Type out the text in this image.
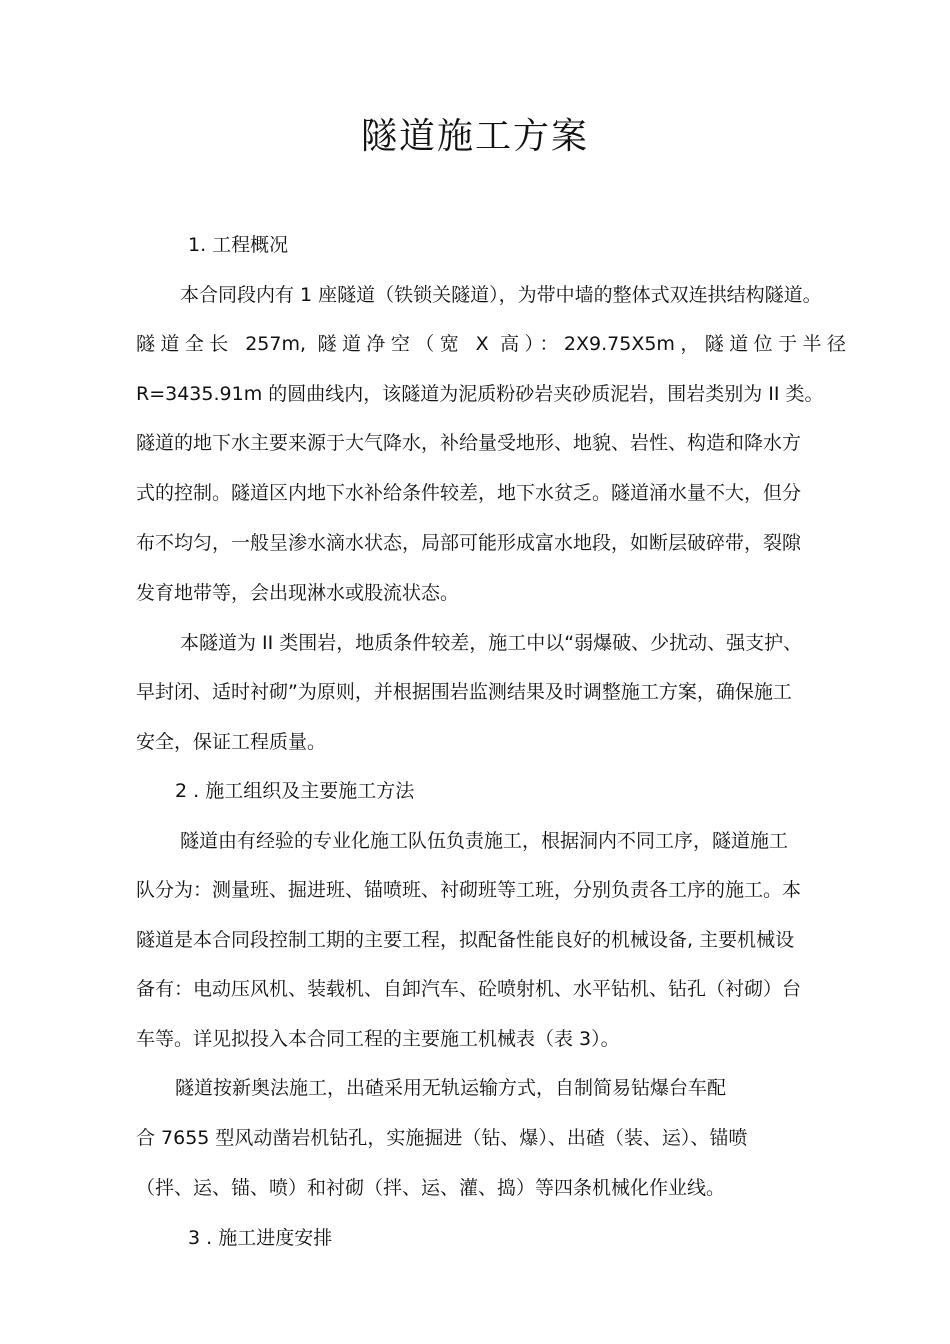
隧道施工方案
1. 工程概况
本合同段内有 1 座隧道（铁锁关隧道），为带中墙的整体式双连拱结构隧道。
隧道全长 257m, 隧道净空（宽 X 高）：2X9.75X5m，隧道位于半径
R=3435.91m 的圆曲线内，该隧道为泥质粉砂岩夹砂质泥岩，围岩类别为 II 类。
隧道的地下水主要来源于大气降水，补给量受地形、地貌、岩性、构造和降水方
式的控制。隧道区内地下水补给条件较差，地下水贫乏。隧道涌水量不大，但分
布不均匀，一般呈渗水滴水状态，局部可能形成富水地段，如断层破碎带，裂隙
发育地带等，会出现淋水或股流状态。
本隧道为 II 类围岩，地质条件较差，施工中以“弱爆破、少扰动、强支护、
早封闭、适时衬砌”为原则，并根据围岩监测结果及时调整施工方案，确保施工
安全，保证工程质量。
2 . 施工组织及主要施工方法
隧道由有经验的专业化施工队伍负责施工，根据洞内不同工序，隧道施工
队分为：测量班、掘进班、锚喷班、衬砌班等工班，分别负责各工序的施工。本
隧道是本合同段控制工期的主要工程，拟配备性能良好的机械设备, 主要机械设
备有：电动压风机、装载机、自卸汽车、砼喷射机、水平钻机、钻孔（衬砌）台
车等。详见拟投入本合同工程的主要施工机械表（表 3）。
隧道按新奥法施工，出碴采用无轨运输方式，自制简易钻爆台车配
合 7655 型风动凿岩机钻孔，实施掘进（钻、爆）、出碴（装、运）、锚喷
（拌、运、锚、喷）和衬砌（拌、运、灌、捣）等四条机械化作业线。
3 . 施工进度安排
